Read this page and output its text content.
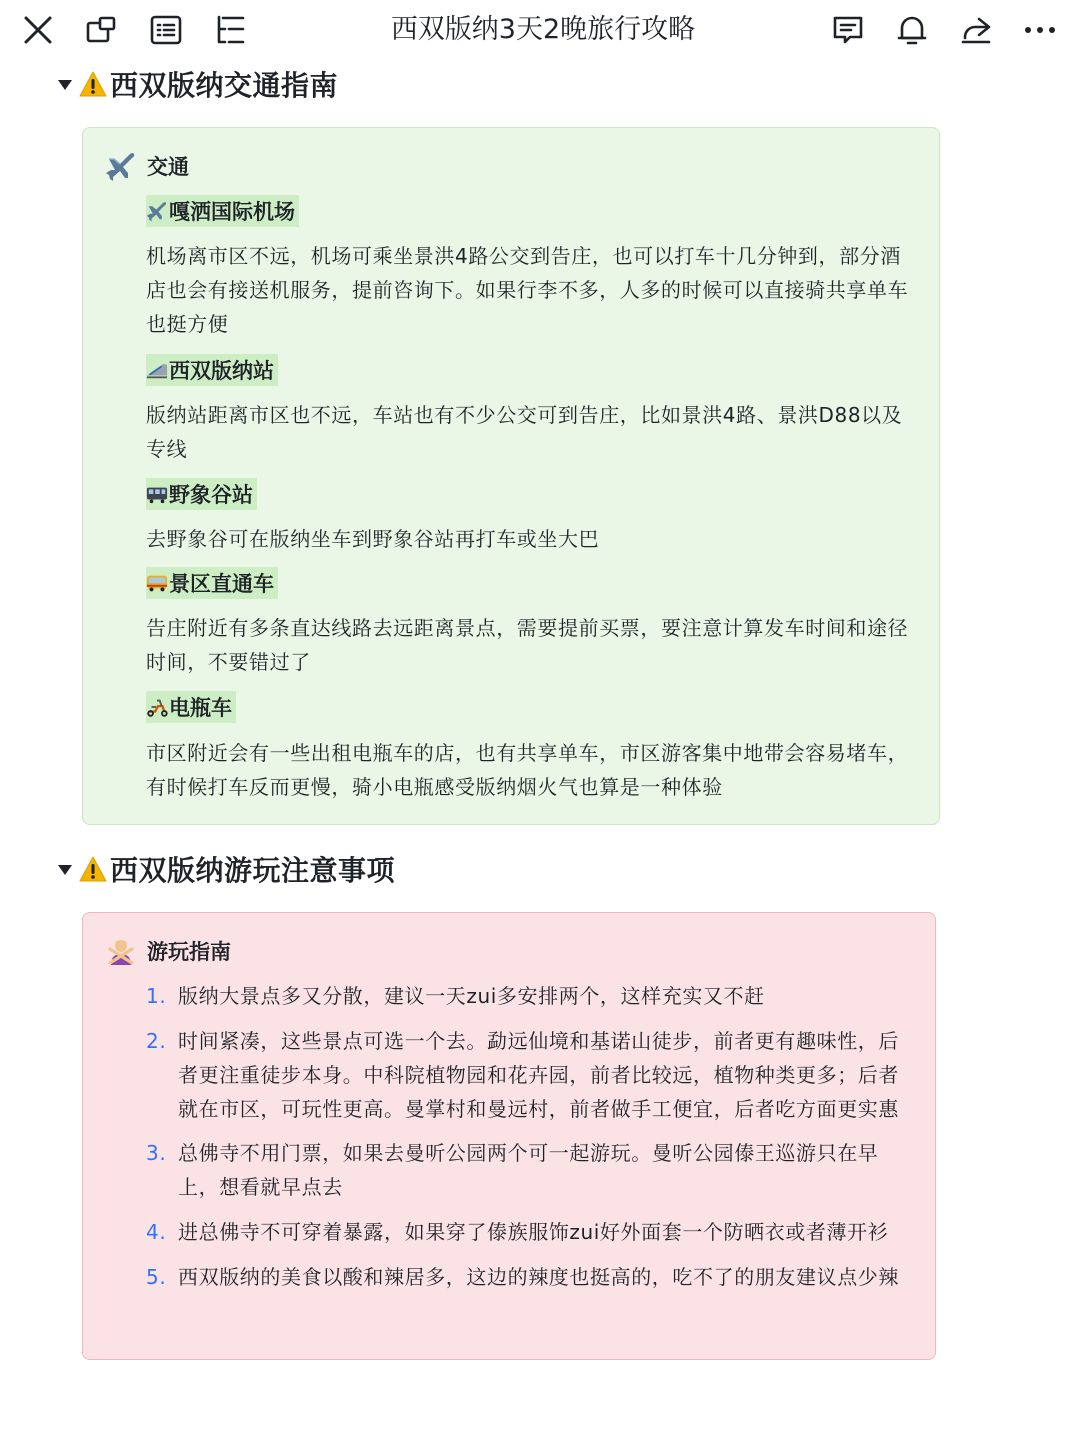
西双版纳3天2晚旅行攻略
西双版纳交通指南
交通
嘎洒国际机场
机场离市区不远，机场可乘坐景洪4路公交到告庄，也可以打车十几分钟到，部分酒店也会有接送机服务，提前咨询下。如果行李不多，人多的时候可以直接骑共享单车也挺方便
西双版纳站
版纳站距离市区也不远，车站也有不少公交可到告庄，比如景洪4路、景洪D88以及专线
野象谷站
去野象谷可在版纳坐车到野象谷站再打车或坐大巴
景区直通车
告庄附近有多条直达线路去远距离景点，需要提前买票，要注意计算发车时间和途径时间，不要错过了
电瓶车
市区附近会有一些出租电瓶车的店，也有共享单车，市区游客集中地带会容易堵车，有时候打车反而更慢，骑小电瓶感受版纳烟火气也算是一种体验
西双版纳游玩注意事项
游玩指南
1. 版纳大景点多又分散，建议一天zui多安排两个，这样充实又不赶
2. 时间紧凑，这些景点可选一个去。勐远仙境和基诺山徒步，前者更有趣味性，后者更注重徒步本身。中科院植物园和花卉园，前者比较远，植物种类更多；后者就在市区，可玩性更高。曼掌村和曼远村，前者做手工便宜，后者吃方面更实惠
3. 总佛寺不用门票，如果去曼听公园两个可一起游玩。曼听公园傣王巡游只在早上，想看就早点去
4. 进总佛寺不可穿着暴露，如果穿了傣族服饰zui好外面套一个防晒衣或者薄开衫
5. 西双版纳的美食以酸和辣居多，这边的辣度也挺高的，吃不了的朋友建议点少辣
